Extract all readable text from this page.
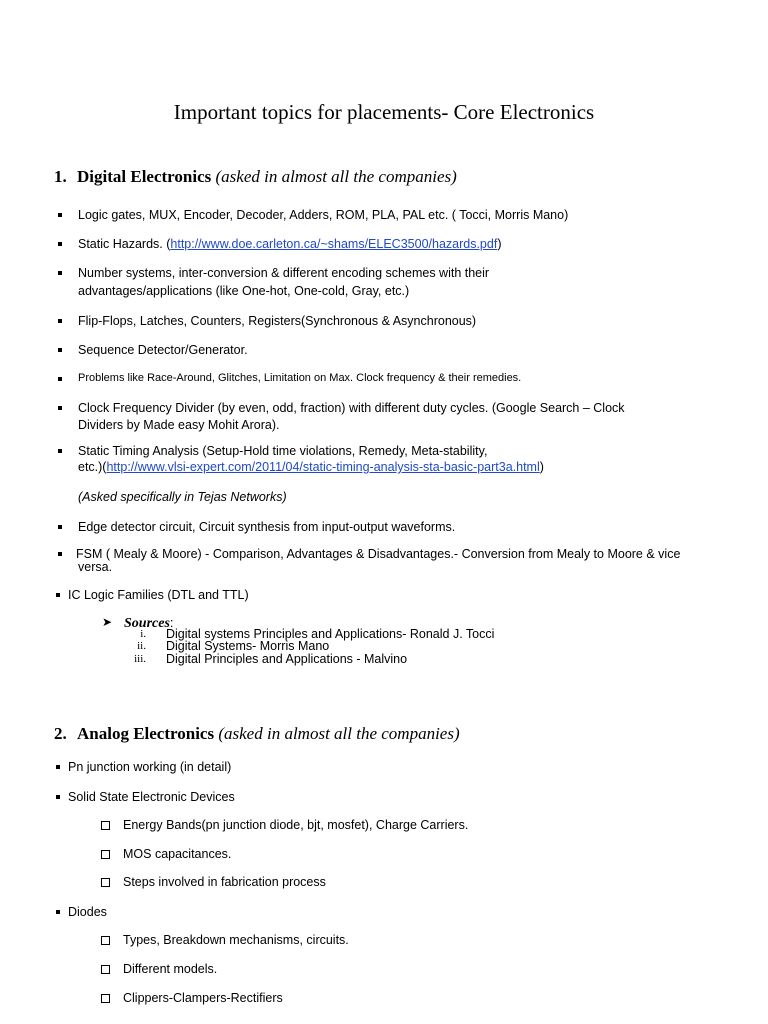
Important topics for placements- Core Electronics
1. Digital Electronics (asked in almost all the companies)
Logic gates, MUX, Encoder, Decoder, Adders, ROM, PLA, PAL etc. ( Tocci, Morris Mano)
Static Hazards. (http://www.doe.carleton.ca/~shams/ELEC3500/hazards.pdf)
Number systems, inter-conversion & different encoding schemes with their
advantages/applications (like One-hot, One-cold, Gray, etc.)
Flip-Flops, Latches, Counters, Registers(Synchronous & Asynchronous)
Sequence Detector/Generator.
Problems like Race-Around, Glitches, Limitation on Max. Clock frequency & their remedies.
Clock Frequency Divider (by even, odd, fraction) with different duty cycles. (Google Search – Clock
Dividers by Made easy Mohit Arora).
Static Timing Analysis (Setup-Hold time violations, Remedy, Meta-stability,
etc.)(http://www.vlsi-expert.com/2011/04/static-timing-analysis-sta-basic-part3a.html)
(Asked specifically in Tejas Networks)
Edge detector circuit, Circuit synthesis from input-output waveforms.
FSM ( Mealy & Moore) - Comparison, Advantages & Disadvantages.- Conversion from Mealy to Moore & vice
versa.
IC Logic Families (DTL and TTL)
➤ Sources:
i. Digital systems Principles and Applications- Ronald J. Tocci
ii. Digital Systems- Morris Mano
iii. Digital Principles and Applications - Malvino
2. Analog Electronics (asked in almost all the companies)
Pn junction working (in detail)
Solid State Electronic Devices
Energy Bands(pn junction diode, bjt, mosfet), Charge Carriers.
MOS capacitances.
Steps involved in fabrication process
Diodes
Types, Breakdown mechanisms, circuits.
Different models.
Clippers-Clampers-Rectifiers
